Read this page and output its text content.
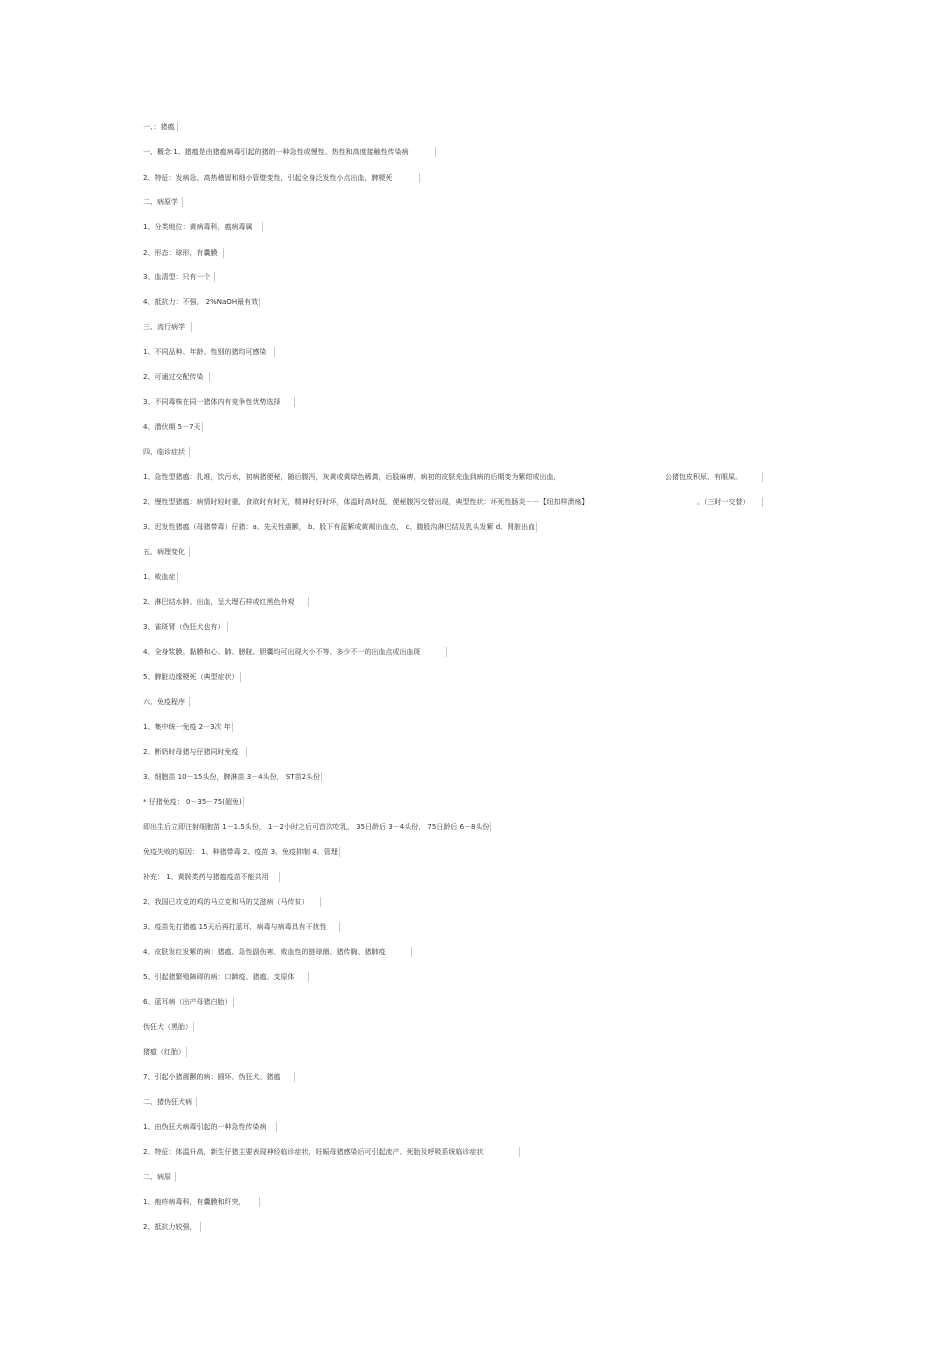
一、：猪瘟
一、概念 1、猪瘟是由猪瘟病毒引起的猪的一种急性或慢性、热性和高度接触性传染病
2、特征：发病急、高热稽留和细小管壁变性，引起全身泛发性小点出血，脾梗死
二、病原学
1、分类地位：黄病毒科，瘟病毒属
2、形态：球形，有囊膜
3、血清型：只有一个
4、抵抗力：不强， 2%NaOH最有效
三、流行病学
1、不同品种、年龄、性别的猪均可感染
2、可通过交配传染
3、不同毒株在同一猪体内有竞争性优势选择
4、潜伏期 5－7天
四、临诊症状
1、急性型猪瘟：扎堆，饮污水，初病猪便秘，随后腹泻，灰黄或黄绿色稀粪，后肢麻痹，病初的皮肤充血到病的后期变为紫绀或出血，	公猪包皮积尿、有眼屎。
2、慢性型猪瘟：病情时轻时重，食欲时有时无，精神时好时坏，体温时高时低，便秘腹泻交替出现，典型性状：坏死性肠炎－－【纽扣样溃疡】	。（三时一交替）
3、迟发性猪瘟（母猪带毒）仔猪：a、先天性震颤， b、股下有蓝紫或黄褐出血点， c、腹股沟淋巴结及乳头发紫 d、肾脏出血
五、病理变化
1、败血症
2、淋巴结水肿、出血，呈大理石样或红黑色外观
3、雀斑肾（伪狂犬也有）
4、全身浆膜、黏膜和心、肺、膀胱、胆囊均可出现大小不等、多少不一的出血点或出血斑
5、脾脏边缘梗死（典型症状）
六、免疫程序
1、集中统一免疫 2－3次 年
2、断奶时母猪与仔猪同时免疫
3、细胞苗 10－15头份，脾淋苗 3－4头份， ST苗2头份
* 仔猪免疫： 0－35－75(超免)
即出生后立即注射细胞苗 1－1.5头份， 1－2小时之后可首次吃乳， 35日龄后 3－4头份， 75日龄后 6－8头份
免疫失败的原因： 1、种猪带毒 2、疫苗 3、免疫抑制 4、管理
补充： 1、黄胺类药与猪瘟疫苗不能共用
2、我国已攻克的鸡的马立克和马的艾滋病（马传贫）
3、疫苗先打猪瘟 15天后再打蓝耳，病毒与病毒具有干扰性
4、皮肤发红发紫的病：猪瘟、急性副伤寒、败血性的链球菌、猪传胸、猪肺疫
5、引起猪繁殖障碍的病：口蹄疫、猪瘟、支原体
6、蓝耳病（出产母猪白胎）
伪狂犬（黑胎）
猪瘟（红胎）
7、引起小猪震颤的病：圆环、伪狂犬、猪瘟
二、猪伪狂犬病
1、由伪狂犬病毒引起的一种急性传染病
2、特征：体温升高，新生仔猪主要表现神经临诊症状，妊娠母猪感染后可引起流产、死胎及呼吸系统临诊症状
二、病原
1、疱疹病毒科，有囊膜和纤突，
2、抵抗力较强，
